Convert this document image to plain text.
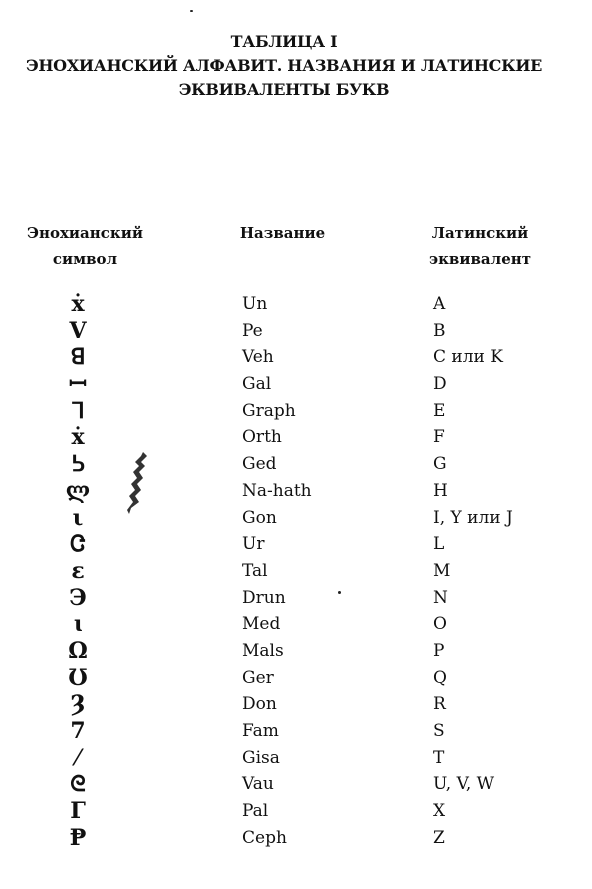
ТАБЛИЦА I
ЭНОХИАНСКИЙ АЛФАВИТ. НАЗВАНИЯ И ЛАТИНСКИЕ
ЭКВИВАЛЕНТЫ БУКВ
Энохианский
символ
Название	Латинский
эквивалент
ẋ	Un	A
V	Pe	B
ꓭ	Veh	C или K
ꟷ	Gal	D
ᒣ	Graph	E
ẋ	Orth	F
ᕊ	Ged	G
ლ	Na-hath	H
ι	Gon	I, Y или J
Ꮳ	Ur	L
ε	Tal	M
Э	Drun	N
ɩ	Med	O
Ω	Mals	P
Ʊ	Ger	Q
Ȝ	Don	R
7	Fam	S
⁄	Gisa	T
ᘓ	Vau	U, V, W
Γ	Pal	X
Ᵽ	Ceph	Z
